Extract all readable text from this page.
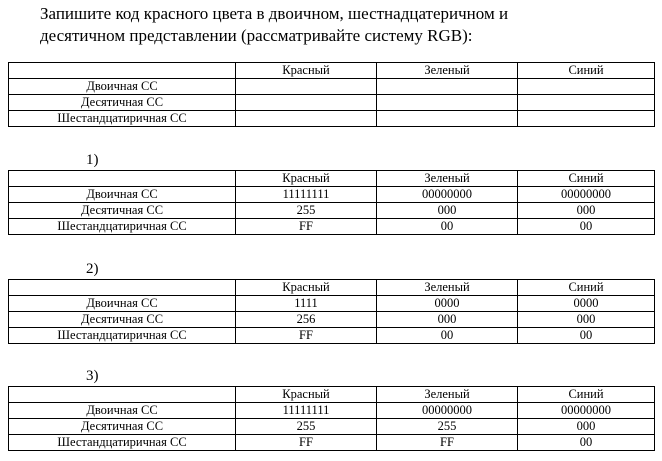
Запишите код красного цвета в двоичном, шестнадцатеричном и
десятичном представлении (рассматривайте систему RGB):

	Красный	Зеленый	Синий
Двоичная СС			
Десятичная СС			
Шестандцатиричная СС			
1)
	Красный	Зеленый	Синий
Двоичная СС	11111111	00000000	00000000
Десятичная СС	255	000	000
Шестандцатиричная СС	FF	00	00
2)
	Красный	Зеленый	Синий
Двоичная СС	1111	0000	0000
Десятичная СС	256	000	000
Шестандцатиричная СС	FF	00	00
3)
	Красный	Зеленый	Синий
Двоичная СС	11111111	00000000	00000000
Десятичная СС	255	255	000
Шестандцатиричная СС	FF	FF	00
